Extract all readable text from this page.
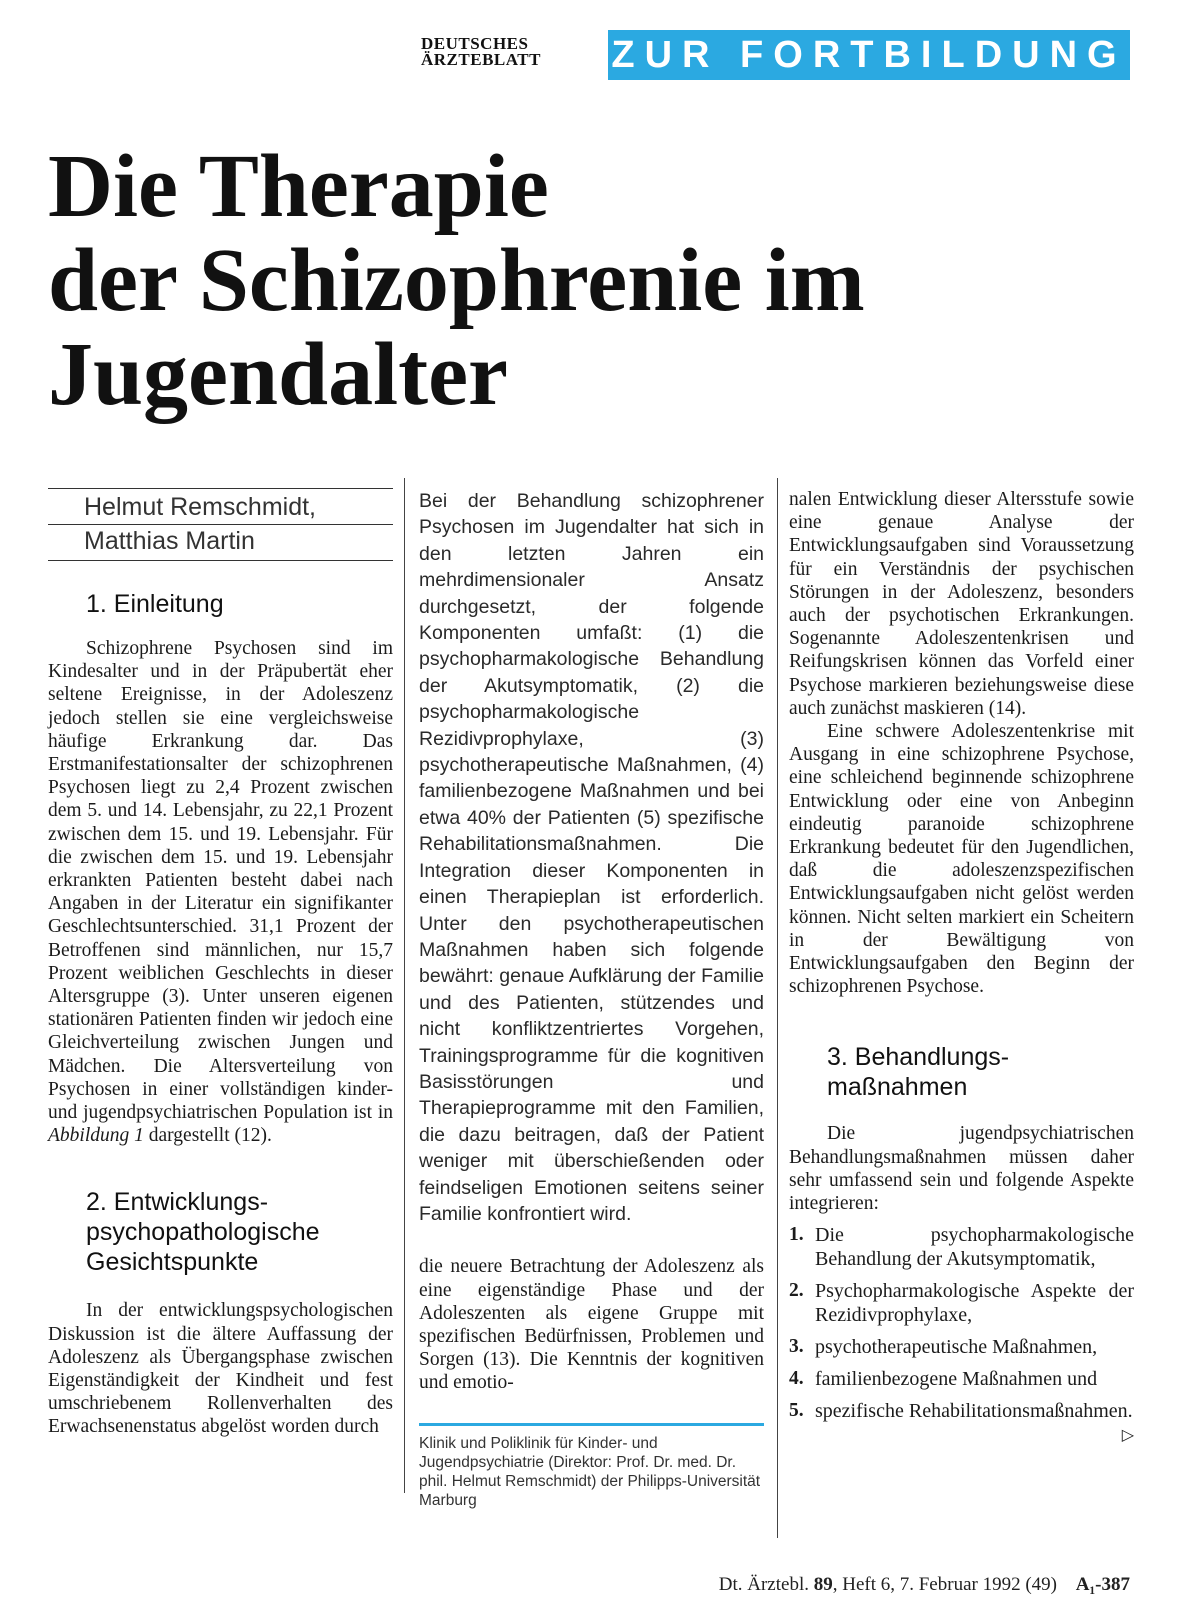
DEUTSCHES
ÄRZTEBLATT	ZUR FORTBILDUNG
Die Therapie
der Schizophrenie im
Jugendalter
Helmut Remschmidt,
Matthias Martin
1. Einleitung

Schizophrene Psychosen sind im Kindesalter und in der Präpubertät eher seltene Ereignisse, in der Adoleszenz jedoch stellen sie eine vergleichsweise häufige Erkrankung dar. Das Erstmanifestationsalter der schizophrenen Psychosen liegt zu 2,4 Prozent zwischen dem 5. und 14. Lebensjahr, zu 22,1 Prozent zwischen dem 15. und 19. Lebensjahr. Für die zwischen dem 15. und 19. Lebensjahr erkrankten Patienten besteht dabei nach Angaben in der Literatur ein signifikanter Geschlechtsunterschied. 31,1 Prozent der Betroffenen sind männlichen, nur 15,7 Prozent weiblichen Geschlechts in dieser Altersgruppe (3). Unter unseren eigenen stationären Patienten finden wir jedoch eine Gleichverteilung zwischen Jungen und Mädchen. Die Altersverteilung von Psychosen in einer vollständigen kinder- und jugendpsychiatrischen Population ist in Abbildung 1 dargestellt (12).

2. Entwicklungs-
psychopathologische
Gesichtspunkte

In der entwicklungspsychologischen Diskussion ist die ältere Auffassung der Adoleszenz als Übergangsphase zwischen Eigenständigkeit der Kindheit und fest umschriebenem Rollenverhalten des Erwachsenenstatus abgelöst worden durch

Bei der Behandlung schizophrener Psychosen im Jugendalter hat sich in den letzten Jahren ein mehrdimensionaler Ansatz durchgesetzt, der folgende Komponenten umfaßt: (1) die psychopharmakologische Behandlung der Akutsymptomatik, (2) die psychopharmakologische Rezidivprophylaxe, (3) psychotherapeutische Maßnahmen, (4) familienbezogene Maßnahmen und bei etwa 40% der Patienten (5) spezifische Rehabilitationsmaßnahmen. Die Integration dieser Komponenten in einen Therapieplan ist erforderlich. Unter den psychotherapeutischen Maßnahmen haben sich folgende bewährt: genaue Aufklärung der Familie und des Patienten, stützendes und nicht konfliktzentriertes Vorgehen, Trainingsprogramme für die kognitiven Basisstörungen und Therapieprogramme mit den Familien, die dazu beitragen, daß der Patient weniger mit überschießenden oder feindseligen Emotionen seitens seiner Familie konfrontiert wird.

die neuere Betrachtung der Adoleszenz als eine eigenständige Phase und der Adoleszenten als eigene Gruppe mit spezifischen Bedürfnissen, Problemen und Sorgen (13). Die Kenntnis der kognitiven und emotio-

Klinik und Poliklinik für Kinder- und Jugendpsychiatrie (Direktor: Prof. Dr. med. Dr. phil. Helmut Remschmidt) der Philipps-Universität Marburg

nalen Entwicklung dieser Altersstufe sowie eine genaue Analyse der Entwicklungsaufgaben sind Voraussetzung für ein Verständnis der psychischen Störungen in der Adoleszenz, besonders auch der psychotischen Erkrankungen. Sogenannte Adoleszentenkrisen und Reifungskrisen können das Vorfeld einer Psychose markieren beziehungsweise diese auch zunächst maskieren (14).

Eine schwere Adoleszentenkrise mit Ausgang in eine schizophrene Psychose, eine schleichend beginnende schizophrene Entwicklung oder eine von Anbeginn eindeutig paranoide schizophrene Erkrankung bedeutet für den Jugendlichen, daß die adoleszenzspezifischen Entwicklungsaufgaben nicht gelöst werden können. Nicht selten markiert ein Scheitern in der Bewältigung von Entwicklungsaufgaben den Beginn der schizophrenen Psychose.

3. Behandlungs-
maßnahmen

Die jugendpsychiatrischen Behandlungsmaßnahmen müssen daher sehr umfassend sein und folgende Aspekte integrieren:

1. Die psychopharmakologische Behandlung der Akutsymptomatik,
2. Psychopharmakologische Aspekte der Rezidivprophylaxe,
3. psychotherapeutische Maßnahmen,
4. familienbezogene Maßnahmen und
5. spezifische Rehabilitationsmaßnahmen.
▷
Dt. Ärztebl. 89, Heft 6, 7. Februar 1992 (49) A₁-387
